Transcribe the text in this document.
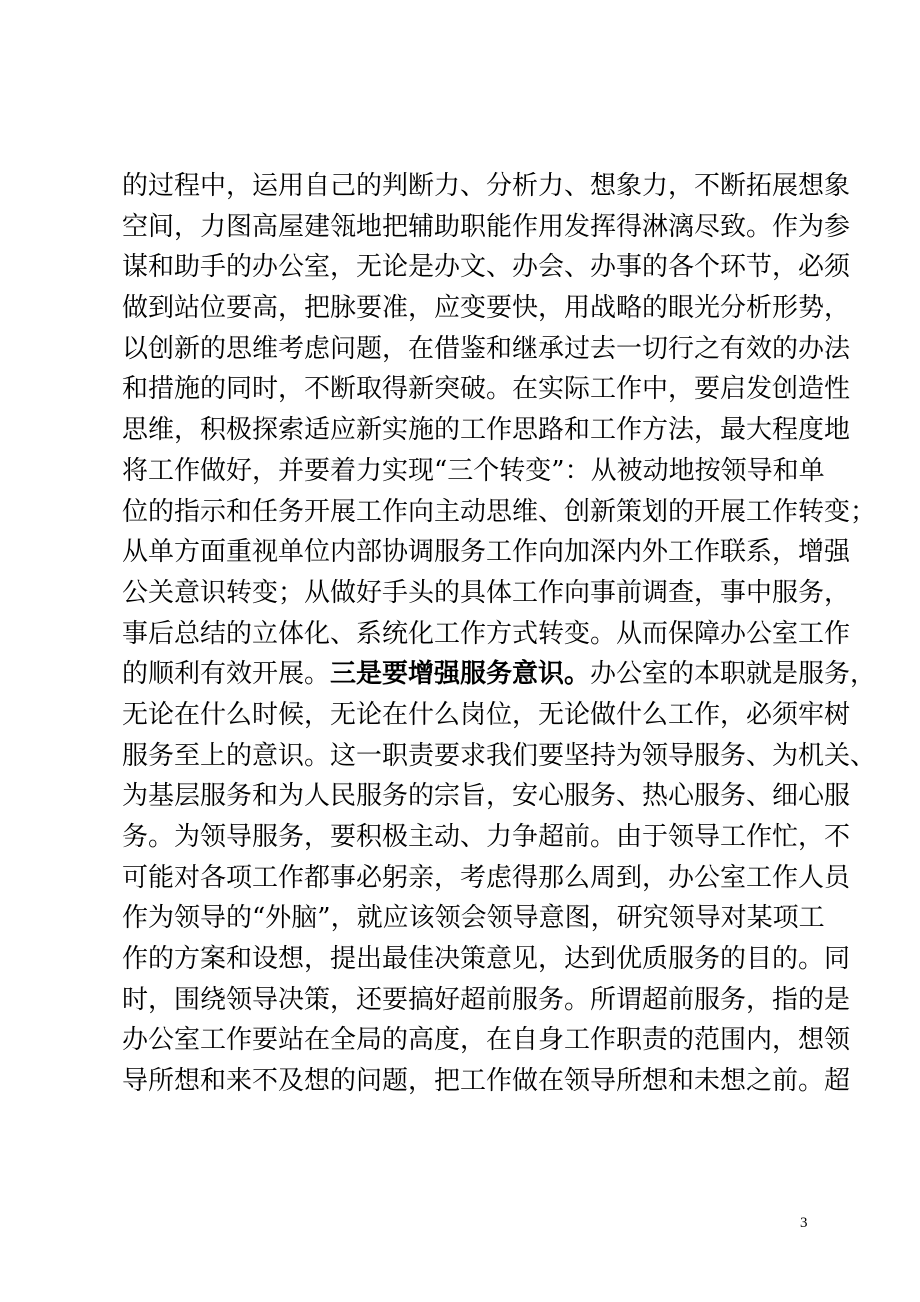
的过程中，运用自己的判断力、分析力、想象力，不断拓展想象
空间，力图高屋建瓴地把辅助职能作用发挥得淋漓尽致。作为参
谋和助手的办公室，无论是办文、办会、办事的各个环节，必须
做到站位要高，把脉要准，应变要快，用战略的眼光分析形势，
以创新的思维考虑问题，在借鉴和继承过去一切行之有效的办法
和措施的同时，不断取得新突破。在实际工作中，要启发创造性
思维，积极探索适应新实施的工作思路和工作方法，最大程度地
将工作做好，并要着力实现“三个转变”：从被动地按领导和单
位的指示和任务开展工作向主动思维、创新策划的开展工作转变；
从单方面重视单位内部协调服务工作向加深内外工作联系，增强
公关意识转变；从做好手头的具体工作向事前调查，事中服务，
事后总结的立体化、系统化工作方式转变。从而保障办公室工作
的顺利有效开展。三是要增强服务意识。办公室的本职就是服务，
无论在什么时候，无论在什么岗位，无论做什么工作，必须牢树
服务至上的意识。这一职责要求我们要坚持为领导服务、为机关、
为基层服务和为人民服务的宗旨，安心服务、热心服务、细心服
务。为领导服务，要积极主动、力争超前。由于领导工作忙，不
可能对各项工作都事必躬亲，考虑得那么周到，办公室工作人员
作为领导的“外脑”，就应该领会领导意图，研究领导对某项工
作的方案和设想，提出最佳决策意见，达到优质服务的目的。同
时，围绕领导决策，还要搞好超前服务。所谓超前服务，指的是
办公室工作要站在全局的高度，在自身工作职责的范围内，想领
导所想和来不及想的问题，把工作做在领导所想和未想之前。超
3
